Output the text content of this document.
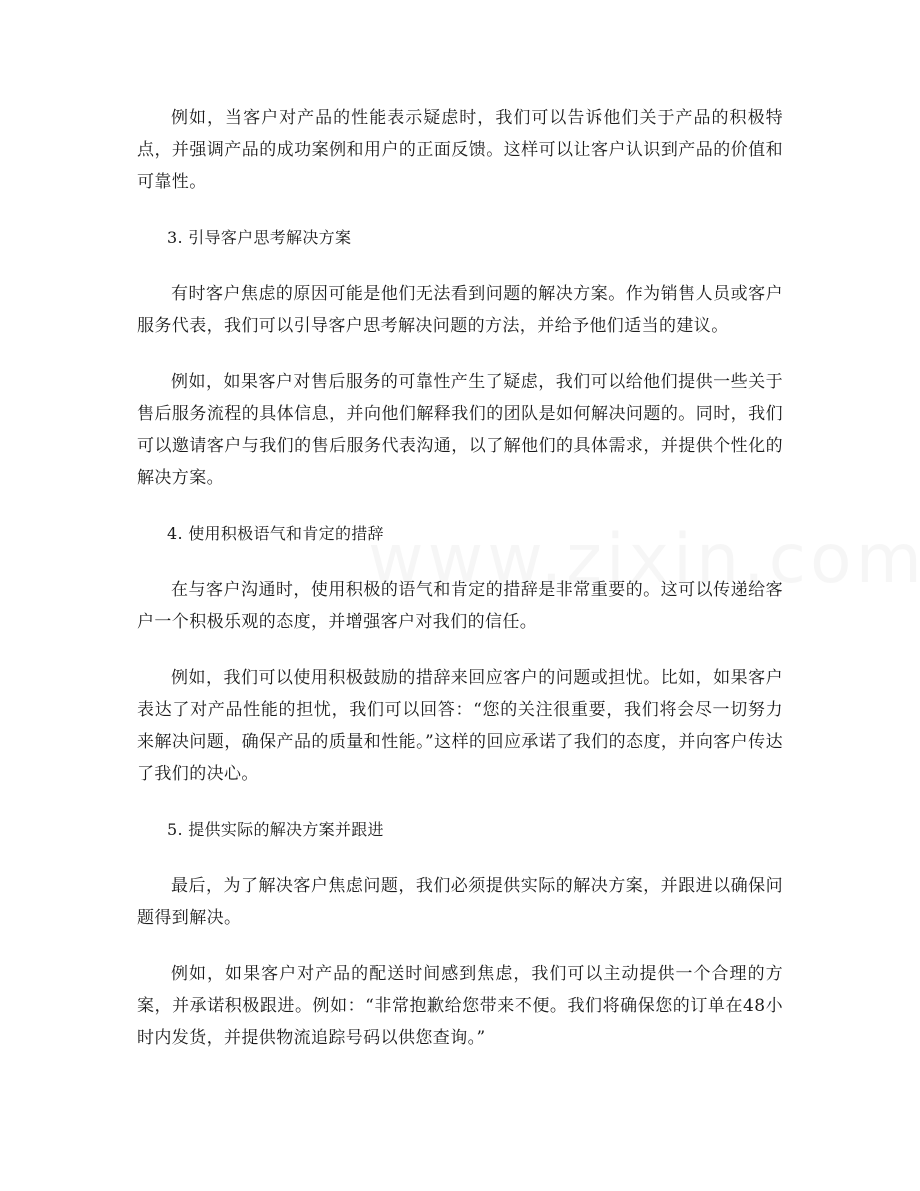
例如，当客户对产品的性能表示疑虑时，我们可以告诉他们关于产品的积极特点，并强调产品的成功案例和用户的正面反馈。这样可以让客户认识到产品的价值和可靠性。

3. 引导客户思考解决方案

有时客户焦虑的原因可能是他们无法看到问题的解决方案。作为销售人员或客户服务代表，我们可以引导客户思考解决问题的方法，并给予他们适当的建议。

例如，如果客户对售后服务的可靠性产生了疑虑，我们可以给他们提供一些关于售后服务流程的具体信息，并向他们解释我们的团队是如何解决问题的。同时，我们可以邀请客户与我们的售后服务代表沟通，以了解他们的具体需求，并提供个性化的解决方案。

4. 使用积极语气和肯定的措辞

在与客户沟通时，使用积极的语气和肯定的措辞是非常重要的。这可以传递给客户一个积极乐观的态度，并增强客户对我们的信任。

例如，我们可以使用积极鼓励的措辞来回应客户的问题或担忧。比如，如果客户表达了对产品性能的担忧，我们可以回答：“您的关注很重要，我们将会尽一切努力来解决问题，确保产品的质量和性能。”这样的回应承诺了我们的态度，并向客户传达了我们的决心。

5. 提供实际的解决方案并跟进

最后，为了解决客户焦虑问题，我们必须提供实际的解决方案，并跟进以确保问题得到解决。

例如，如果客户对产品的配送时间感到焦虑，我们可以主动提供一个合理的方案，并承诺积极跟进。例如：“非常抱歉给您带来不便。我们将确保您的订单在48小时内发货，并提供物流追踪号码以供您查询。”
